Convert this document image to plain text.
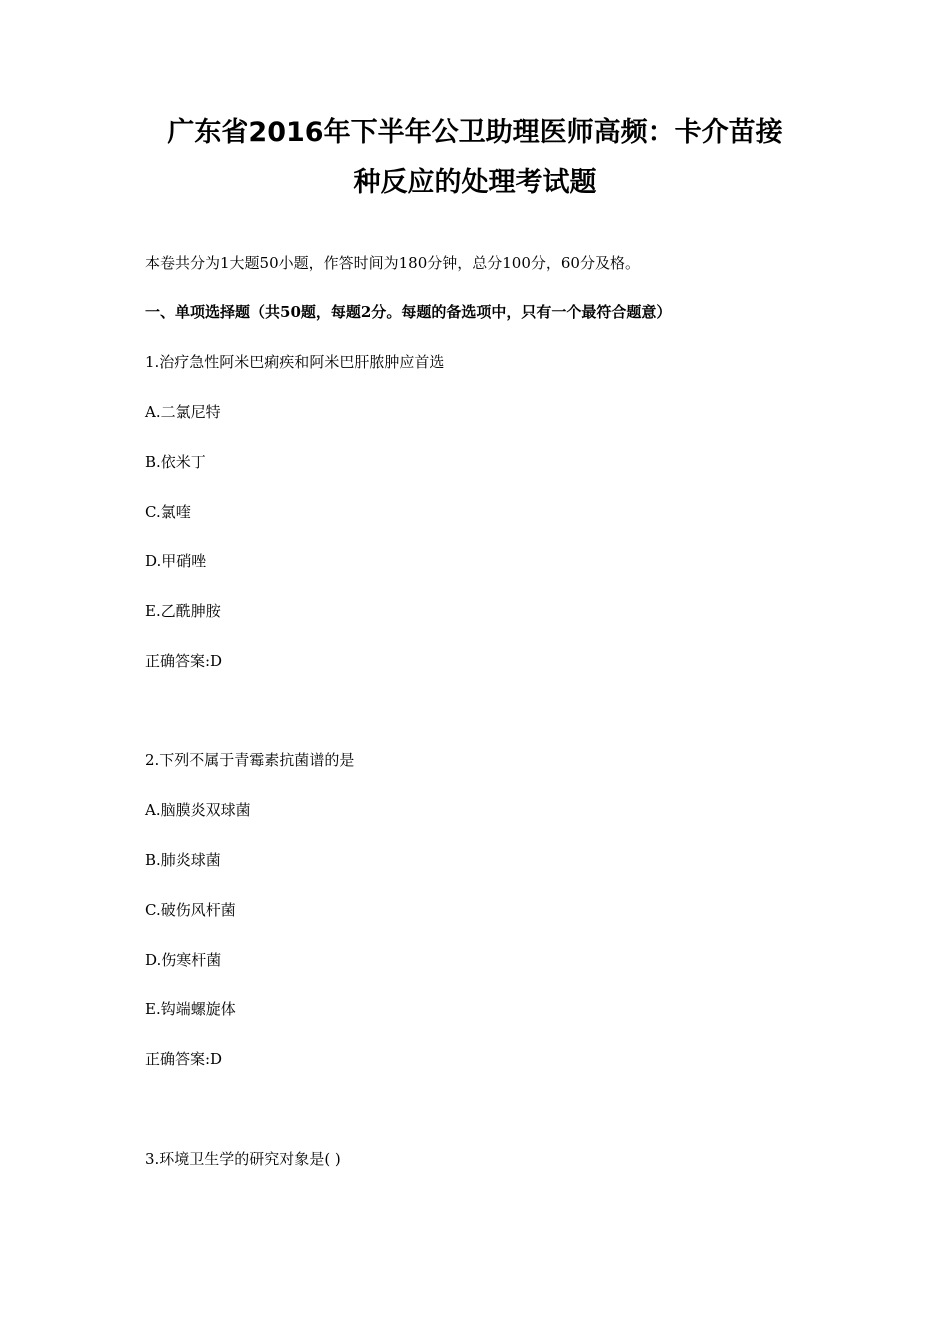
广东省2016年下半年公卫助理医师高频：卡介苗接
种反应的处理考试题

本卷共分为1大题50小题，作答时间为180分钟，总分100分，60分及格。

一、单项选择题（共50题，每题2分。每题的备选项中，只有一个最符合题意）

1.治疗急性阿米巴痢疾和阿米巴肝脓肿应首选

A.二氯尼特

B.依米丁

C.氯喹

D.甲硝唑

E.乙酰胂胺

正确答案:D

2.下列不属于青霉素抗菌谱的是

A.脑膜炎双球菌

B.肺炎球菌

C.破伤风杆菌

D.伤寒杆菌

E.钩端螺旋体

正确答案:D

3.环境卫生学的研究对象是( )
